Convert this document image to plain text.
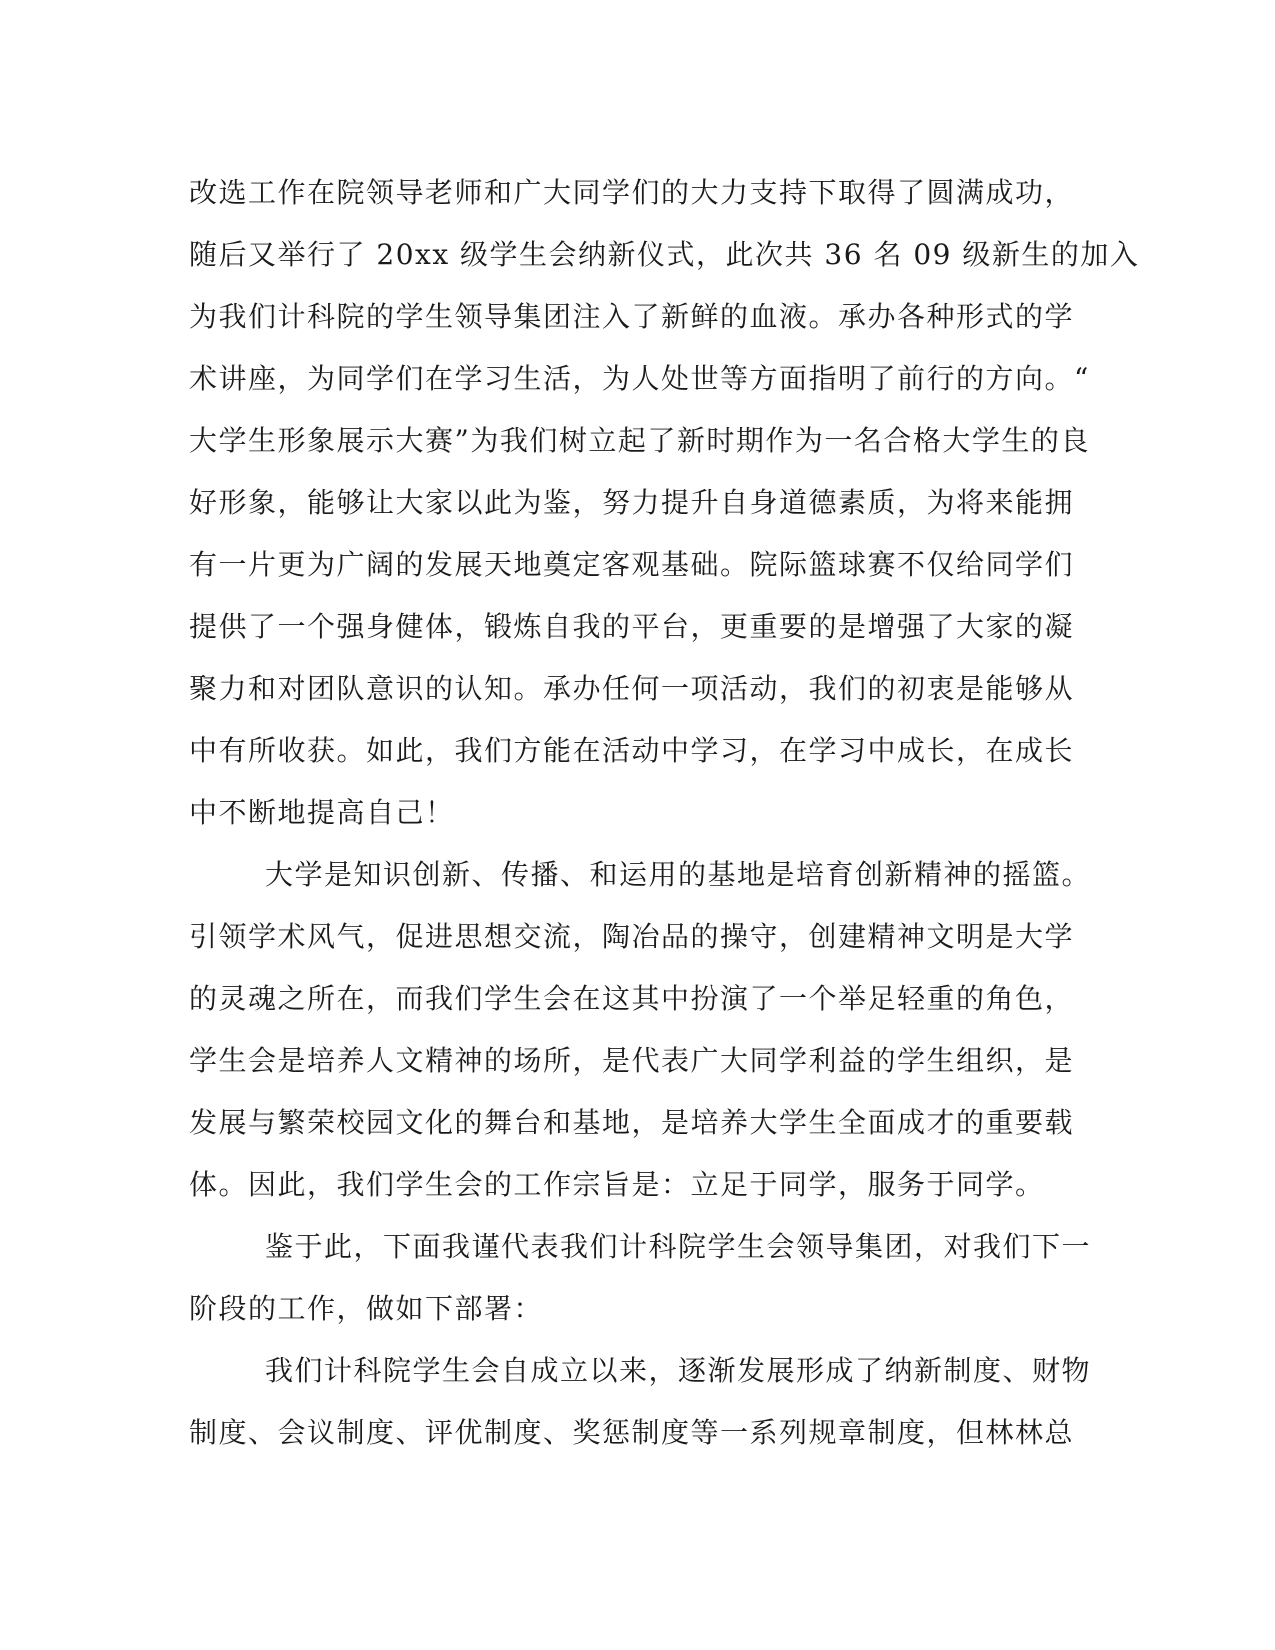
改选工作在院领导老师和广大同学们的大力支持下取得了圆满成功，
随后又举行了 20xx 级学生会纳新仪式，此次共 36 名 09 级新生的加入
为我们计科院的学生领导集团注入了新鲜的血液。承办各种形式的学
术讲座，为同学们在学习生活，为人处世等方面指明了前行的方向。“
大学生形象展示大赛”为我们树立起了新时期作为一名合格大学生的良
好形象，能够让大家以此为鉴，努力提升自身道德素质，为将来能拥
有一片更为广阔的发展天地奠定客观基础。院际篮球赛不仅给同学们
提供了一个强身健体，锻炼自我的平台，更重要的是增强了大家的凝
聚力和对团队意识的认知。承办任何一项活动，我们的初衷是能够从
中有所收获。如此，我们方能在活动中学习，在学习中成长，在成长
中不断地提高自己！
大学是知识创新、传播、和运用的基地是培育创新精神的摇篮。
引领学术风气，促进思想交流，陶冶品的操守，创建精神文明是大学
的灵魂之所在，而我们学生会在这其中扮演了一个举足轻重的角色，
学生会是培养人文精神的场所，是代表广大同学利益的学生组织，是
发展与繁荣校园文化的舞台和基地，是培养大学生全面成才的重要载
体。因此，我们学生会的工作宗旨是：立足于同学，服务于同学。
鉴于此，下面我谨代表我们计科院学生会领导集团，对我们下一
阶段的工作，做如下部署：
我们计科院学生会自成立以来，逐渐发展形成了纳新制度、财物
制度、会议制度、评优制度、奖惩制度等一系列规章制度，但林林总
